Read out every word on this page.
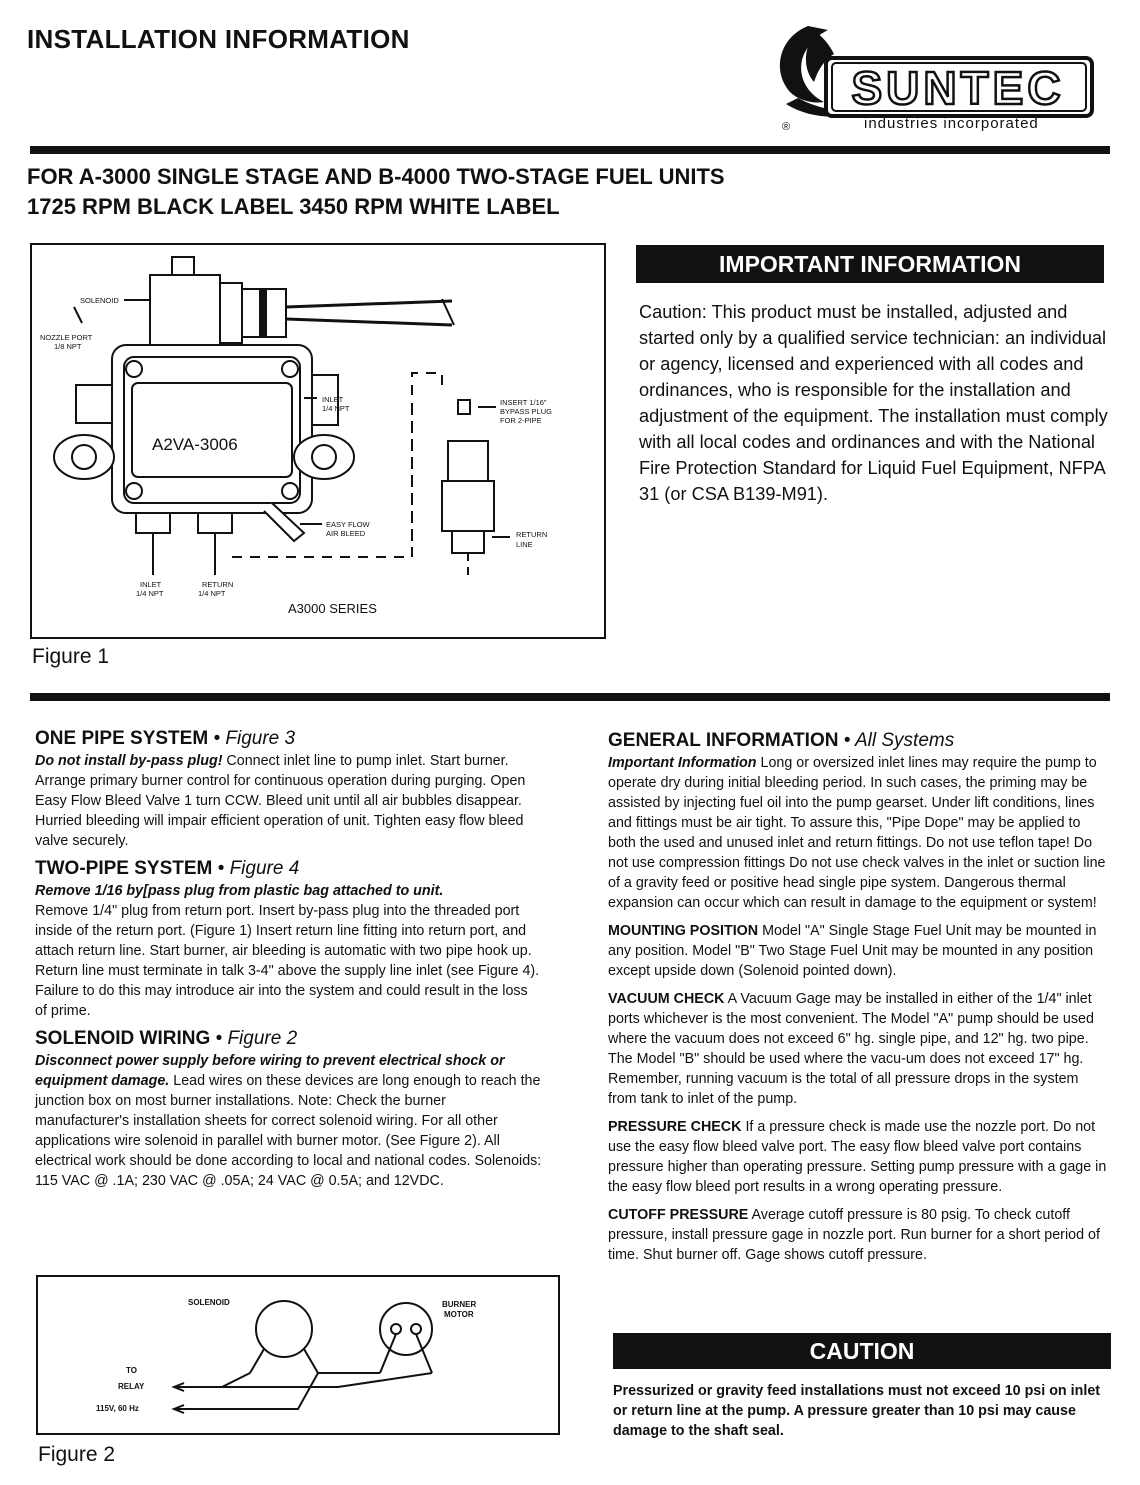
INSTALLATION INFORMATION
SUNTEC
®	industries incorporated
FOR A-3000 SINGLE STAGE AND B-4000 TWO-STAGE FUEL UNITS
1725 RPM BLACK LABEL 3450 RPM WHITE LABEL
SOLENOID
NOZZLE PORT
1/8 NPT
INLET
1/4 NPT
EASY FLOW
AIR BLEED
INLET
1/4 NPT
RETURN
1/4 NPT
INSERT 1/16"
BYPASS PLUG
FOR 2-PIPE
RETURN
LINE
A2VA-3006
A3000 SERIES
Figure 1
IMPORTANT INFORMATION
Caution: This product must be installed, adjusted and started only by a qualified service technician: an individual or agency, licensed and experienced with all codes and ordinances, who is responsible for the installation and adjustment of the equipment. The installation must comply with all local codes and ordinances and with the National Fire Protection Standard for Liquid Fuel Equipment, NFPA 31 (or CSA B139-M91).
ONE PIPE SYSTEM • Figure 3

Do not install by-pass plug! Connect inlet line to pump inlet. Start burner. Arrange primary burner control for continuous operation during purging. Open Easy Flow Bleed Valve 1 turn CCW. Bleed unit until all air bubbles disappear. Hurried bleeding will impair efficient operation of unit. Tighten easy flow bleed valve securely.

TWO-PIPE SYSTEM • Figure 4

Remove 1/16 by[pass plug from plastic bag attached to unit.
Remove 1/4" plug from return port. Insert by-pass plug into the threaded port inside of the return port. (Figure 1) Insert return line fitting into return port, and attach return line. Start burner, air bleeding is automatic with two pipe hook up. Return line must terminate in talk 3-4" above the supply line inlet (see Figure 4). Failure to do this may introduce air into the system and could result in the loss of prime.

SOLENOID WIRING • Figure 2

Disconnect power supply before wiring to prevent electrical shock or equipment damage. Lead wires on these devices are long enough to reach the junction box on most burner installations. Note: Check the burner manufacturer's installation sheets for correct solenoid wiring. For all other applications wire solenoid in parallel with burner motor. (See Figure 2). All electrical work should be done according to local and national codes. Solenoids: 115 VAC @ .1A; 230 VAC @ .05A; 24 VAC @ 0.5A; and 12VDC.

SOLENOID	BURNER
MOTOR
TO
RELAY
115V, 60 Hz
Figure 2
GENERAL INFORMATION • All Systems

Important Information Long or oversized inlet lines may require the pump to operate dry during initial bleeding period. In such cases, the priming may be assisted by injecting fuel oil into the pump gearset. Under lift conditions, lines and fittings must be air tight. To assure this, "Pipe Dope" may be applied to both the used and unused inlet and return fittings. Do not use teflon tape! Do not use compression fittings Do not use check valves in the inlet or suction line of a gravity feed or positive head single pipe system. Dangerous thermal expansion can occur which can result in damage to the equipment or system!

MOUNTING POSITION Model "A" Single Stage Fuel Unit may be mounted in any position. Model "B" Two Stage Fuel Unit may be mounted in any position except upside down (Solenoid pointed down).

VACUUM CHECK A Vacuum Gage may be installed in either of the 1/4" inlet ports whichever is the most convenient. The Model "A" pump should be used where the vacuum does not exceed 6" hg. single pipe, and 12" hg. two pipe. The Model "B" should be used where the vacu-um does not exceed 17" hg. Remember, running vacuum is the total of all pressure drops in the system from tank to inlet of the pump.

PRESSURE CHECK If a pressure check is made use the nozzle port. Do not use the easy flow bleed valve port. The easy flow bleed valve port contains pressure higher than operating pressure. Setting pump pressure with a gage in the easy flow bleed port results in a wrong operating pressure.

CUTOFF PRESSURE Average cutoff pressure is 80 psig. To check cutoff pressure, install pressure gage in nozzle port. Run burner for a short period of time. Shut burner off. Gage shows cutoff pressure.

CAUTION
Pressurized or gravity feed installations must not exceed 10 psi on inlet or return line at the pump. A pressure greater than 10 psi may cause damage to the shaft seal.
